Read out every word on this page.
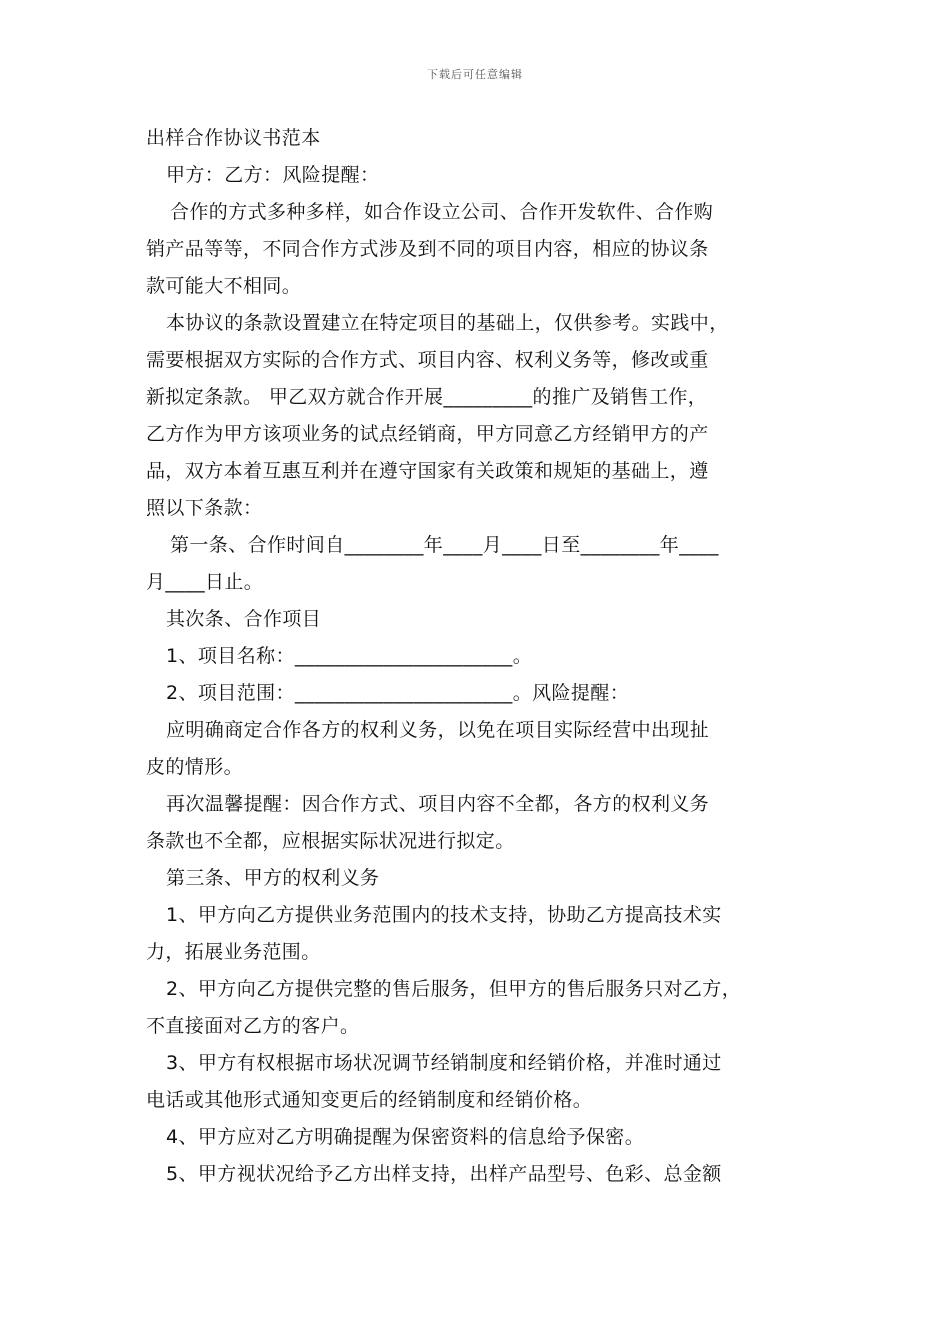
下载后可任意编辑
出样合作协议书范本
甲方：乙方：风险提醒：
合作的方式多种多样，如合作设立公司、合作开发软件、合作购
销产品等等，不同合作方式涉及到不同的项目内容，相应的协议条
款可能大不相同。
本协议的条款设置建立在特定项目的基础上，仅供参考。实践中，
需要根据双方实际的合作方式、项目内容、权利义务等，修改或重
新拟定条款。 甲乙双方就合作开展_________的推广及销售工作，
乙方作为甲方该项业务的试点经销商，甲方同意乙方经销甲方的产
品，双方本着互惠互利并在遵守国家有关政策和规矩的基础上，遵
照以下条款：
第一条、合作时间自________年____月____日至________年____
月____日止。
其次条、合作项目
1、项目名称：______________________。
2、项目范围：______________________。风险提醒：
应明确商定合作各方的权利义务，以免在项目实际经营中出现扯
皮的情形。
再次温馨提醒：因合作方式、项目内容不全都，各方的权利义务
条款也不全都，应根据实际状况进行拟定。
第三条、甲方的权利义务
1、甲方向乙方提供业务范围内的技术支持，协助乙方提高技术实
力，拓展业务范围。
2、甲方向乙方提供完整的售后服务，但甲方的售后服务只对乙方，
不直接面对乙方的客户。
3、甲方有权根据市场状况调节经销制度和经销价格，并准时通过
电话或其他形式通知变更后的经销制度和经销价格。
4、甲方应对乙方明确提醒为保密资料的信息给予保密。
5、甲方视状况给予乙方出样支持，出样产品型号、色彩、总金额
